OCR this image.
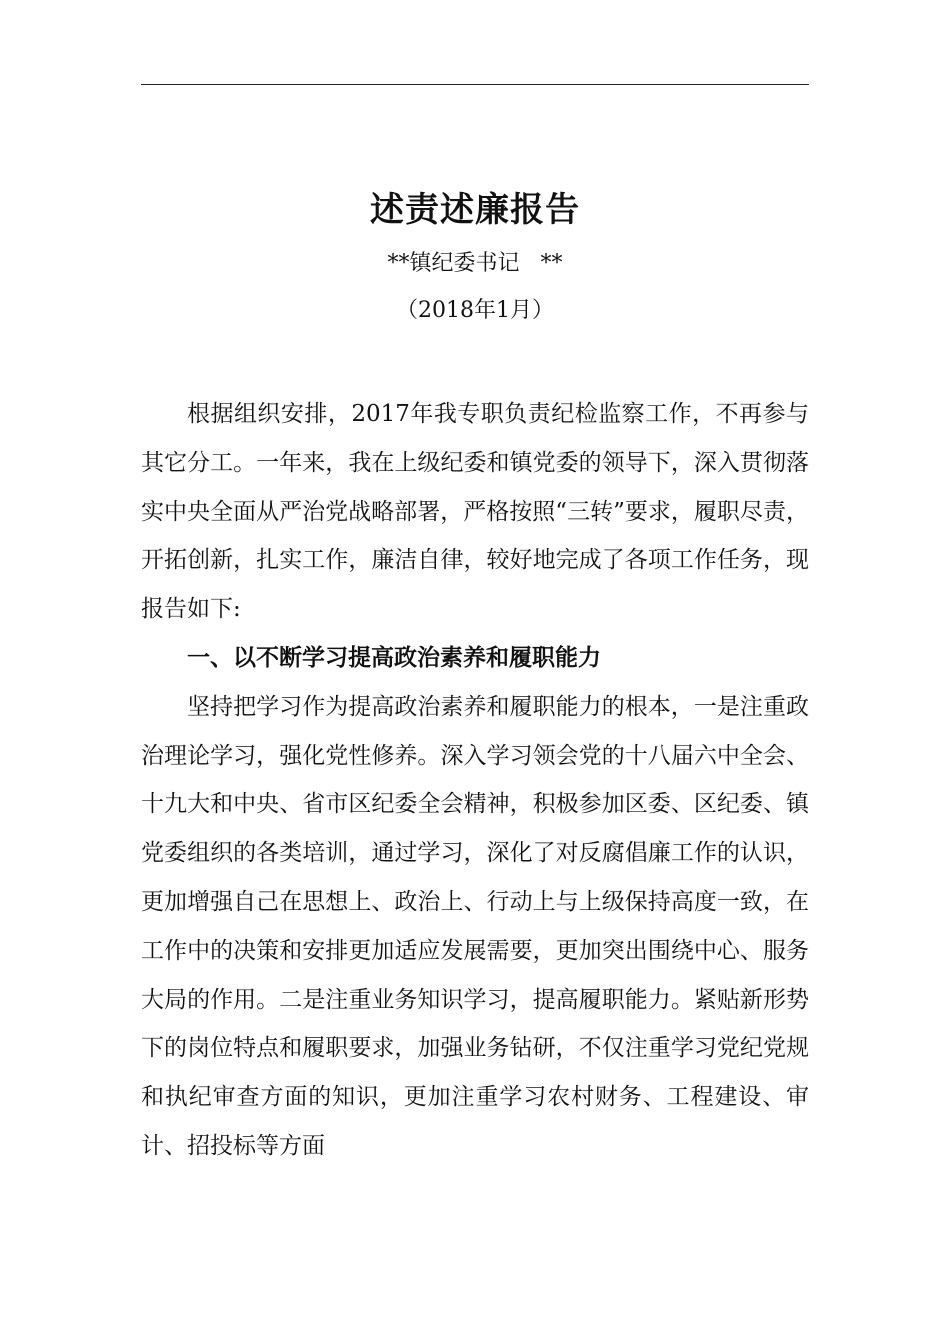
述责述廉报告
**镇纪委书记   **
（2018年1月）

根据组织安排，2017年我专职负责纪检监察工作，不再参与其它分工。一年来，我在上级纪委和镇党委的领导下，深入贯彻落实中央全面从严治党战略部署，严格按照“三转”要求，履职尽责，开拓创新，扎实工作，廉洁自律，较好地完成了各项工作任务，现报告如下:

一、以不断学习提高政治素养和履职能力

坚持把学习作为提高政治素养和履职能力的根本，一是注重政治理论学习，强化党性修养。深入学习领会党的十八届六中全会、十九大和中央、省市区纪委全会精神，积极参加区委、区纪委、镇党委组织的各类培训，通过学习，深化了对反腐倡廉工作的认识，更加增强自己在思想上、政治上、行动上与上级保持高度一致，在工作中的决策和安排更加适应发展需要，更加突出围绕中心、服务大局的作用。二是注重业务知识学习，提高履职能力。紧贴新形势下的岗位特点和履职要求，加强业务钻研，不仅注重学习党纪党规和执纪审查方面的知识，更加注重学习农村财务、工程建设、审计、招投标等方面
